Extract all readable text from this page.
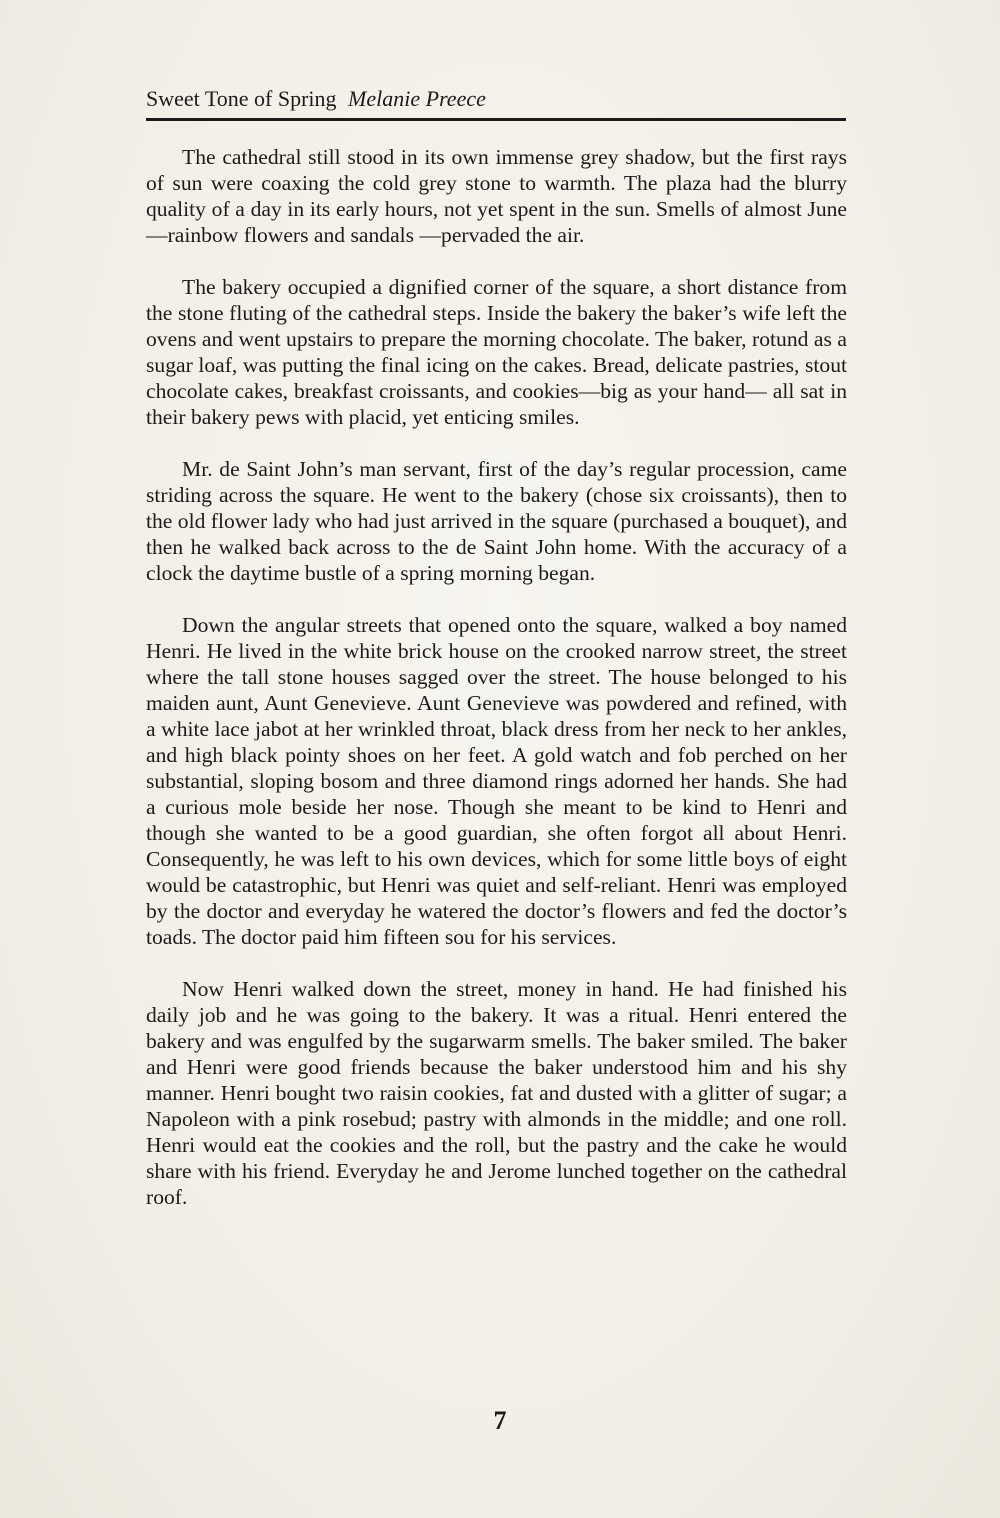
Sweet Tone of Spring Melanie Preece

The cathedral still stood in its own immense grey shadow, but the first rays of sun were coaxing the cold grey stone to warmth. The plaza had the blurry quality of a day in its early hours, not yet spent in the sun. Smells of almost June—rainbow flowers and sandals —pervaded the air.

The bakery occupied a dignified corner of the square, a short distance from the stone fluting of the cathedral steps. Inside the bakery the baker’s wife left the ovens and went upstairs to prepare the morning chocolate. The baker, rotund as a sugar loaf, was putting the final icing on the cakes. Bread, delicate pastries, stout chocolate cakes, breakfast croissants, and cookies—big as your hand— all sat in their bakery pews with placid, yet enticing smiles.

Mr. de Saint John’s man servant, first of the day’s regular procession, came striding across the square. He went to the bakery (chose six croissants), then to the old flower lady who had just arrived in the square (purchased a bouquet), and then he walked back across to the de Saint John home. With the accuracy of a clock the daytime bustle of a spring morning began.

Down the angular streets that opened onto the square, walked a boy named Henri. He lived in the white brick house on the crooked narrow street, the street where the tall stone houses sagged over the street. The house belonged to his maiden aunt, Aunt Genevieve. Aunt Genevieve was powdered and refined, with a white lace jabot at her wrinkled throat, black dress from her neck to her ankles, and high black pointy shoes on her feet. A gold watch and fob perched on her substantial, sloping bosom and three diamond rings adorned her hands. She had a curious mole beside her nose. Though she meant to be kind to Henri and though she wanted to be a good guardian, she often forgot all about Henri. Consequently, he was left to his own devices, which for some little boys of eight would be catastrophic, but Henri was quiet and self-reliant. Henri was employed by the doctor and everyday he watered the doctor’s flowers and fed the doctor’s toads. The doctor paid him fifteen sou for his services.

Now Henri walked down the street, money in hand. He had finished his daily job and he was going to the bakery. It was a ritual. Henri entered the bakery and was engulfed by the sugarwarm smells. The baker smiled. The baker and Henri were good friends because the baker understood him and his shy manner. Henri bought two raisin cookies, fat and dusted with a glitter of sugar; a Napoleon with a pink rosebud; pastry with almonds in the middle; and one roll. Henri would eat the cookies and the roll, but the pastry and the cake he would share with his friend. Everyday he and Jerome lunched together on the cathedral roof.

7
